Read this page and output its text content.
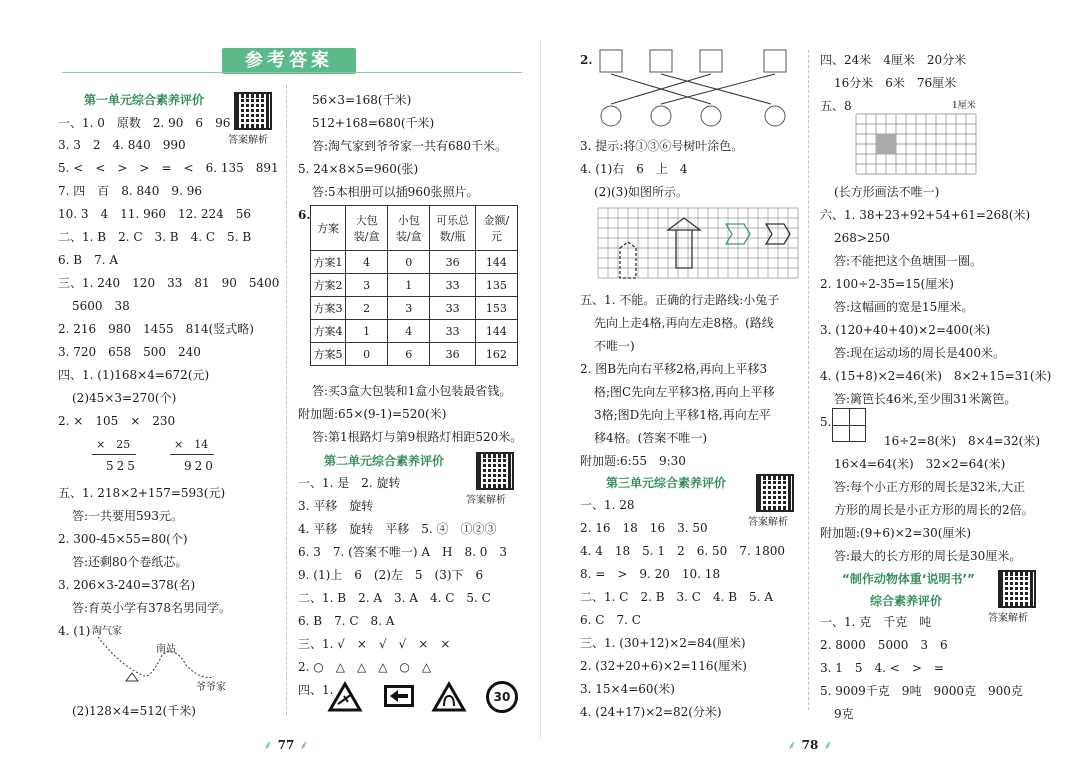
参考答案
第一单元综合素养评价
答案解析
一、1. 0　原数　2. 90　6　96
3. 3　2　4. 840　990
5. <　<　>　>　=　<　6. 135　891
7. 四　百　8. 840　9. 96
10. 3　4　11. 960　12. 224　56
二、1. B　2. C　3. B　4. C　5. B
6. B　7. A
三、1. 240　120　33　81　90　5400
5600　38
2. 216　980　1455　814(竖式略)
3. 720　658　500　240
四、1. (1)168×4=672(元)
(2)45×3=270(个)
2. ×　105　×　230
×　25
525
×　14
920
五、1. 218×2+157=593(元)
答:一共要用593元。
2. 300-45×55=80(个)
答:还剩80个卷纸芯。
3. 206×3-240=378(名)
答:育英小学有378名男同学。
4. (1) 淘气家
南站
爷爷家
(2)128×4=512(千米)
56×3=168(千米)
512+168=680(千米)
答:淘气家到爷爷家一共有680千米。
5. 24×8×5=960(张)
答:5本相册可以插960张照片。
6.
方案	大包装/盒	小包装/盒	可乐总数/瓶	金额/元
方案1	4	0	36	144
方案2	3	1	33	135
方案3	2	3	33	153
方案4	1	4	33	144
方案5	0	6	36	162
答:买3盒大包装和1盒小包装最省钱。
附加题:65×(9-1)=520(米)
答:第1根路灯与第9根路灯相距520米。
第二单元综合素养评价
答案解析
一、1. 是　2. 旋转
3. 平移　旋转
4. 平移　旋转　平移　5. ④　①②③
6. 3　7. (答案不唯一) A　H　8. 0　3
9. (1)上　6　(2)左　5　(3)下　6
二、1. B　2. A　3. A　4. C　5. C
6. B　7. C　8. A
三、1. √　×　√　√　×　×
2. ○　△　△　△　○　△
四、1.	30
⸙ 77 ⸙
2.
3. 提示:将①③⑥号树叶涂色。
4. (1)右　6　上　4
(2)(3)如图所示。
五、1. 不能。正确的行走路线:小兔子
先向上走4格,再向左走8格。(路线
不唯一)
2. 图B先向右平移2格,再向上平移3
格;图C先向左平移3格,再向上平移
3格;图D先向上平移1格,再向左平
移4格。(答案不唯一)
附加题:6:55　9:30
第三单元综合素养评价
答案解析
一、1. 28
2. 16　18　16　3. 50
4. 4　18　5. 1　2　6. 50　7. 1800
8. =　>　9. 20　10. 18
二、1. C　2. B　3. C　4. B　5. A
6. C　7. C
三、1. (30+12)×2=84(厘米)
2. (32+20+6)×2=116(厘米)
3. 15×4=60(米)
4. (24+17)×2=82(分米)
四、24米　4厘米　20分米
16分米　6米　76厘米
五、8	1厘米
(长方形画法不唯一)
六、1. 38+23+92+54+61=268(米)
268>250
答:不能把这个鱼塘围一圈。
2. 100÷2-35=15(厘米)
答:这幅画的宽是15厘米。
3. (120+40+40)×2=400(米)
答:现在运动场的周长是400米。
4. (15+8)×2=46(米)　8×2+15=31(米)
答:篱笆长46米,至少围31米篱笆。
5.
16÷2=8(米)　8×4=32(米)
16×4=64(米)　32×2=64(米)
答:每个小正方形的周长是32米,大正
方形的周长是小正方形的周长的2倍。
附加题:(9+6)×2=30(厘米)
答:最大的长方形的周长是30厘米。
“制作动物体重‘说明书’”
综合素养评价
答案解析
一、1. 克　千克　吨
2. 8000　5000　3　6
3. 1　5　4. <　>　=
5. 9009千克　9吨　9000克　900克
9克
⸙ 78 ⸙
